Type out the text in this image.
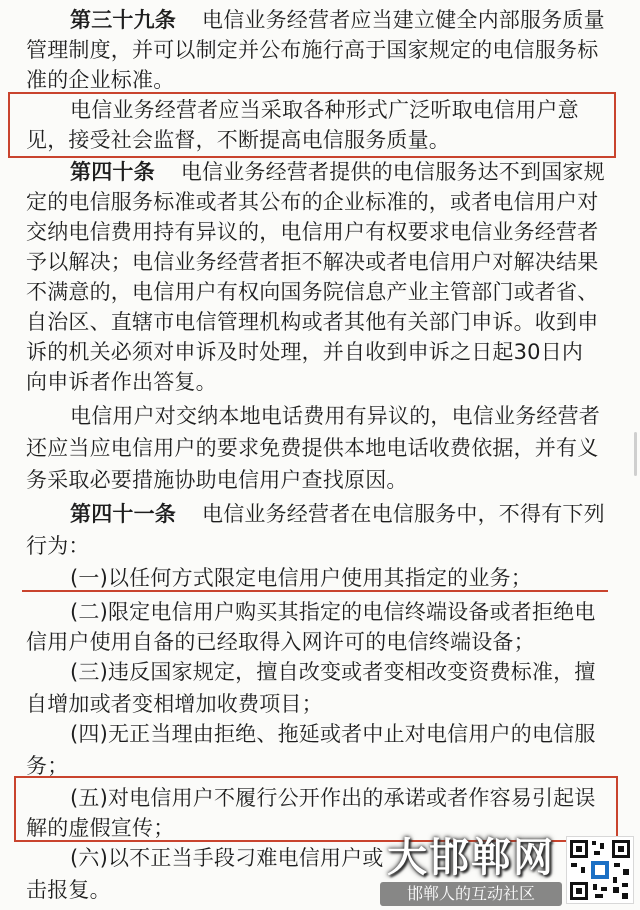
第三十九条 电信业务经营者应当建立健全内部服务质量
管理制度，并可以制定并公布施行高于国家规定的电信服务标
准的企业标准。
电信业务经营者应当采取各种形式广泛听取电信用户意
见，接受社会监督，不断提高电信服务质量。
第四十条 电信业务经营者提供的电信服务达不到国家规
定的电信服务标准或者其公布的企业标准的，或者电信用户对
交纳电信费用持有异议的，电信用户有权要求电信业务经营者
予以解决；电信业务经营者拒不解决或者电信用户对解决结果
不满意的，电信用户有权向国务院信息产业主管部门或者省、
自治区、直辖市电信管理机构或者其他有关部门申诉。收到申
诉的机关必须对申诉及时处理，并自收到申诉之日起30日内
向申诉者作出答复。
电信用户对交纳本地电话费用有异议的，电信业务经营者
还应当应电信用户的要求免费提供本地电话收费依据，并有义
务采取必要措施协助电信用户查找原因。
第四十一条 电信业务经营者在电信服务中，不得有下列
行为：
(一)以任何方式限定电信用户使用其指定的业务；
(二)限定电信用户购买其指定的电信终端设备或者拒绝电
信用户使用自备的已经取得入网许可的电信终端设备；
(三)违反国家规定，擅自改变或者变相改变资费标准，擅
自增加或者变相增加收费项目；
(四)无正当理由拒绝、拖延或者中止对电信用户的电信服
务；
(五)对电信用户不履行公开作出的承诺或者作容易引起误
解的虚假宣传；
(六)以不正当手段刁难电信用户或
击报复。
大邯郸网
邯郸人的互动社区
